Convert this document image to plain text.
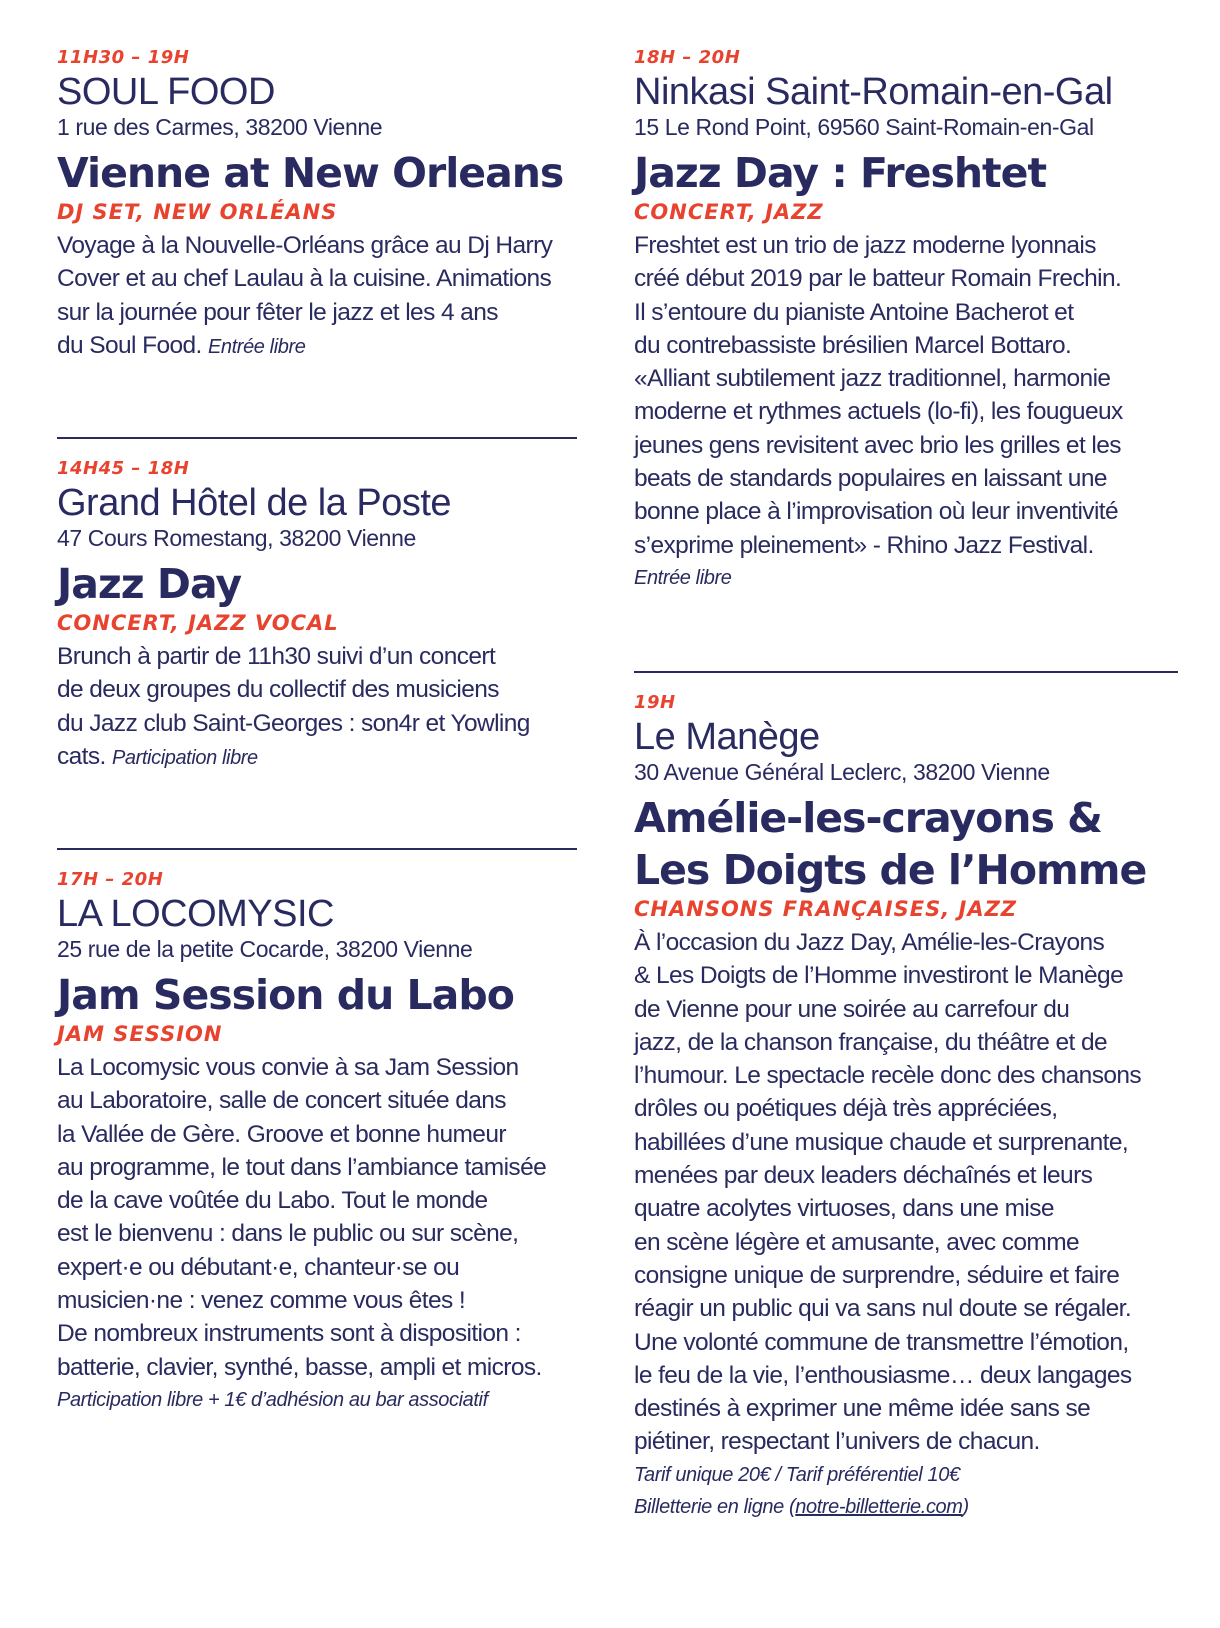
11H30 – 19H
SOUL FOOD
1 rue des Carmes, 38200 Vienne
Vienne at New Orleans
DJ SET, NEW ORLÉANS
Voyage à la Nouvelle-Orléans grâce au Dj Harry
Cover et au chef Laulau à la cuisine. Animations
sur la journée pour fêter le jazz et les 4 ans
du Soul Food. Entrée libre
14H45 – 18H
Grand Hôtel de la Poste
47 Cours Romestang, 38200 Vienne
Jazz Day
CONCERT, JAZZ VOCAL
Brunch à partir de 11h30 suivi d’un concert
de deux groupes du collectif des musiciens
du Jazz club Saint-Georges : son4r et Yowling
cats. Participation libre
17H – 20H
LA LOCOMYSIC
25 rue de la petite Cocarde, 38200 Vienne
Jam Session du Labo
JAM SESSION
La Locomysic vous convie à sa Jam Session
au Laboratoire, salle de concert située dans
la Vallée de Gère. Groove et bonne humeur
au programme, le tout dans l’ambiance tamisée
de la cave voûtée du Labo. Tout le monde
est le bienvenu : dans le public ou sur scène,
expert·e ou débutant·e, chanteur·se ou
musicien·ne : venez comme vous êtes !
De nombreux instruments sont à disposition :
batterie, clavier, synthé, basse, ampli et micros.
Participation libre + 1€ d’adhésion au bar associatif
18H – 20H
Ninkasi Saint-Romain-en-Gal
15 Le Rond Point, 69560 Saint-Romain-en-Gal
Jazz Day : Freshtet
CONCERT, JAZZ
Freshtet est un trio de jazz moderne lyonnais
créé début 2019 par le batteur Romain Frechin.
Il s’entoure du pianiste Antoine Bacherot et
du contrebassiste brésilien Marcel Bottaro.
«Alliant subtilement jazz traditionnel, harmonie
moderne et rythmes actuels (lo-fi), les fougueux
jeunes gens revisitent avec brio les grilles et les
beats de standards populaires en laissant une
bonne place à l’improvisation où leur inventivité
s’exprime pleinement» - Rhino Jazz Festival.
Entrée libre
19H
Le Manège
30 Avenue Général Leclerc, 38200 Vienne
Amélie-les-crayons &
Les Doigts de l’Homme
CHANSONS FRANÇAISES, JAZZ
À l’occasion du Jazz Day, Amélie-les-Crayons
& Les Doigts de l’Homme investiront le Manège
de Vienne pour une soirée au carrefour du
jazz, de la chanson française, du théâtre et de
l’humour. Le spectacle recèle donc des chansons
drôles ou poétiques déjà très appréciées,
habillées d’une musique chaude et surprenante,
menées par deux leaders déchaînés et leurs
quatre acolytes virtuoses, dans une mise
en scène légère et amusante, avec comme
consigne unique de surprendre, séduire et faire
réagir un public qui va sans nul doute se régaler.
Une volonté commune de transmettre l’émotion,
le feu de la vie, l’enthousiasme… deux langages
destinés à exprimer une même idée sans se
piétiner, respectant l’univers de chacun.
Tarif unique 20€ / Tarif préférentiel 10€
Billetterie en ligne (notre-billetterie.com)
